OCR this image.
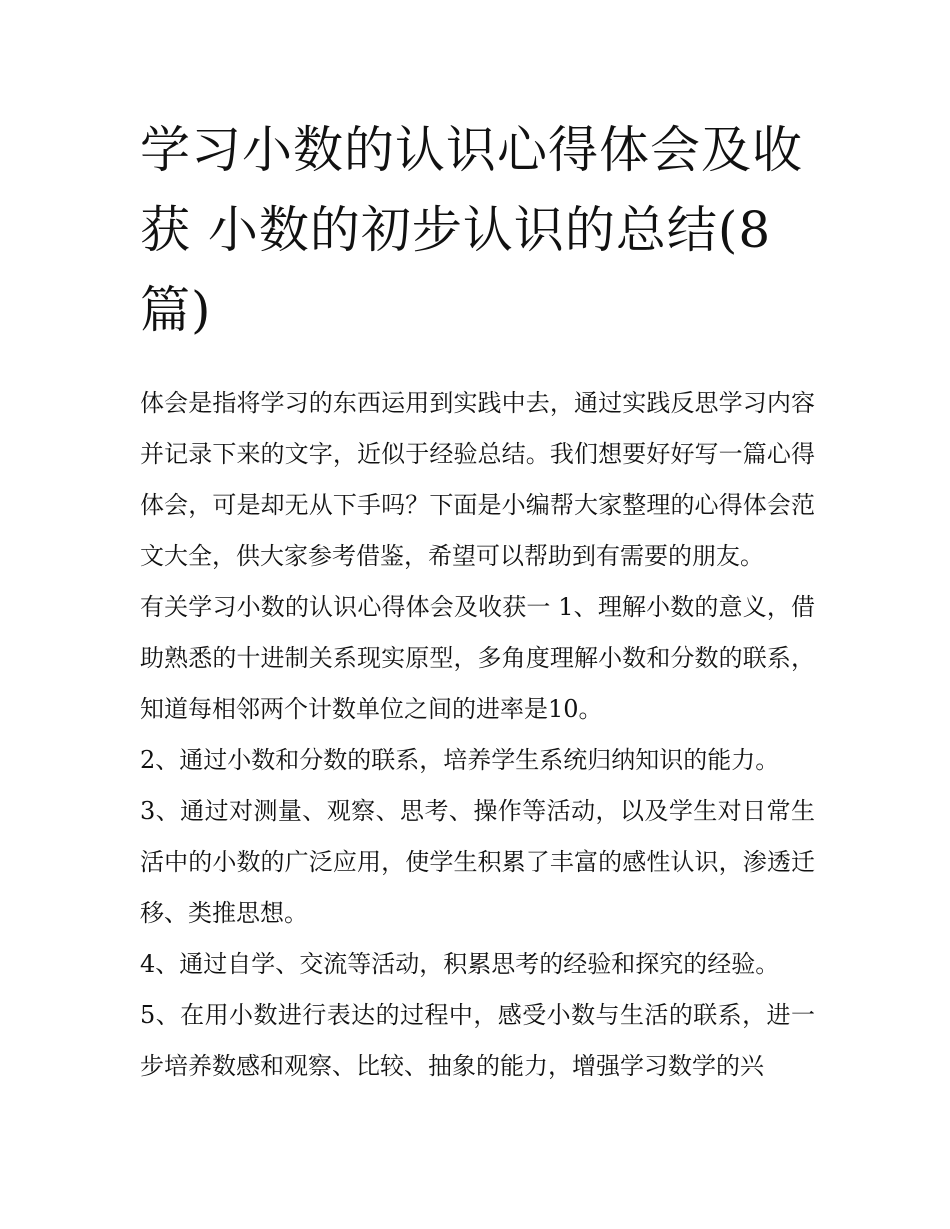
学习小数的认识心得体会及收获 小数的初步认识的总结(8篇)

体会是指将学习的东西运用到实践中去，通过实践反思学习内容并记录下来的文字，近似于经验总结。我们想要好好写一篇心得体会，可是却无从下手吗？下面是小编帮大家整理的心得体会范文大全，供大家参考借鉴，希望可以帮助到有需要的朋友。

有关学习小数的认识心得体会及收获一 1、理解小数的意义，借助熟悉的十进制关系现实原型，多角度理解小数和分数的联系，知道每相邻两个计数单位之间的进率是10。

2、通过小数和分数的联系，培养学生系统归纳知识的能力。

3、通过对测量、观察、思考、操作等活动，以及学生对日常生活中的小数的广泛应用，使学生积累了丰富的感性认识，渗透迁移、类推思想。

4、通过自学、交流等活动，积累思考的经验和探究的经验。

5、在用小数进行表达的过程中，感受小数与生活的联系，进一步培养数感和观察、比较、抽象的能力，增强学习数学的兴
